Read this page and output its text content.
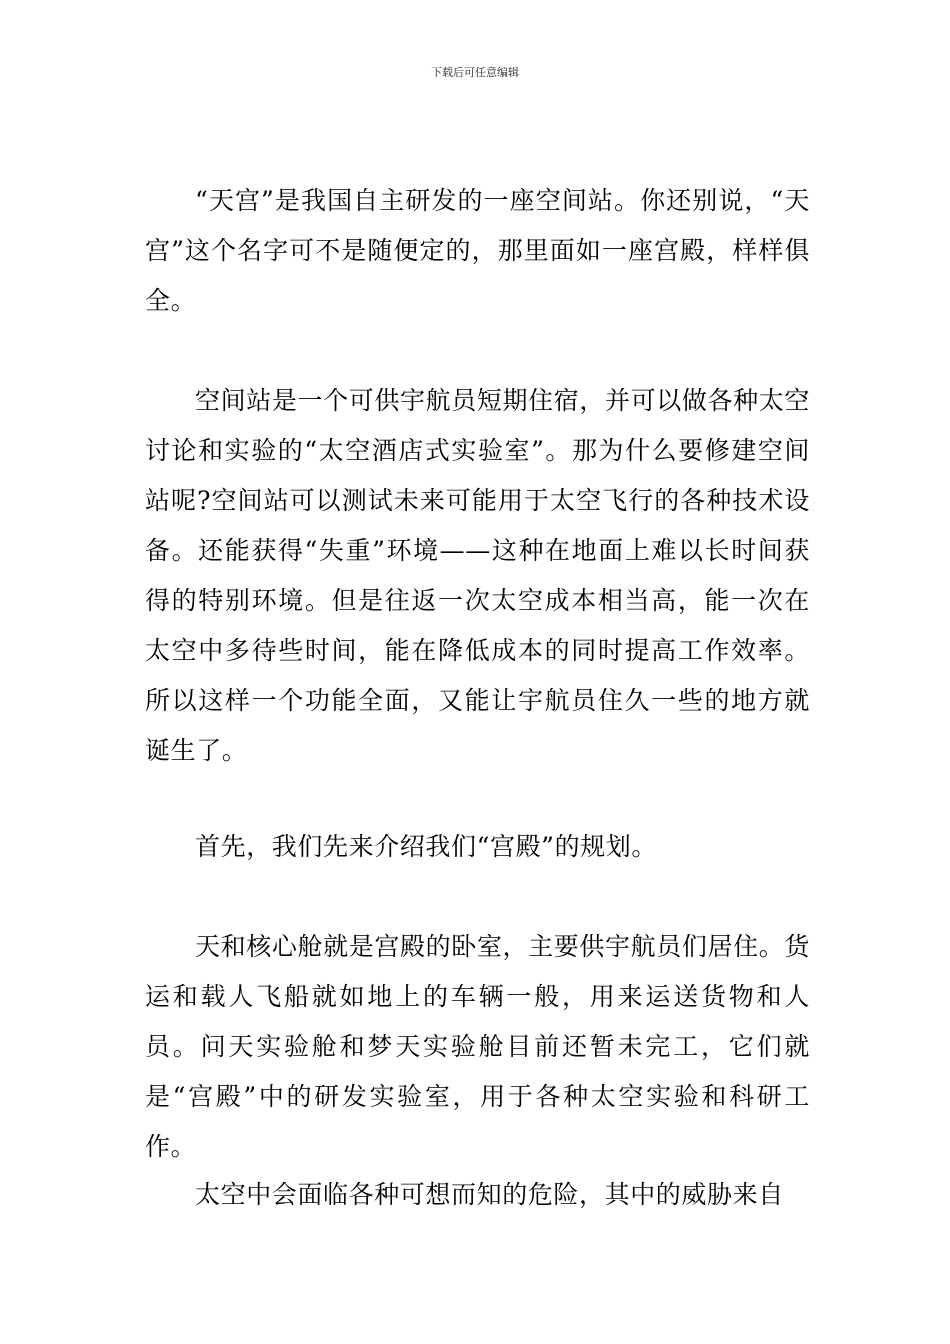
下载后可任意编辑

“天宫”是我国自主研发的一座空间站。你还别说，“天宫”这个名字可不是随便定的，那里面如一座宫殿，样样俱全。

空间站是一个可供宇航员短期住宿，并可以做各种太空讨论和实验的“太空酒店式实验室”。那为什么要修建空间站呢?空间站可以测试未来可能用于太空飞行的各种技术设备。还能获得“失重”环境——这种在地面上难以长时间获得的特别环境。但是往返一次太空成本相当高，能一次在太空中多待些时间，能在降低成本的同时提高工作效率。所以这样一个功能全面，又能让宇航员住久一些的地方就诞生了。

首先，我们先来介绍我们“宫殿”的规划。

天和核心舱就是宫殿的卧室，主要供宇航员们居住。货运和载人飞船就如地上的车辆一般，用来运送货物和人员。问天实验舱和梦天实验舱目前还暂未完工，它们就是“宫殿”中的研发实验室，用于各种太空实验和科研工作。

太空中会面临各种可想而知的危险，其中的威胁来自
